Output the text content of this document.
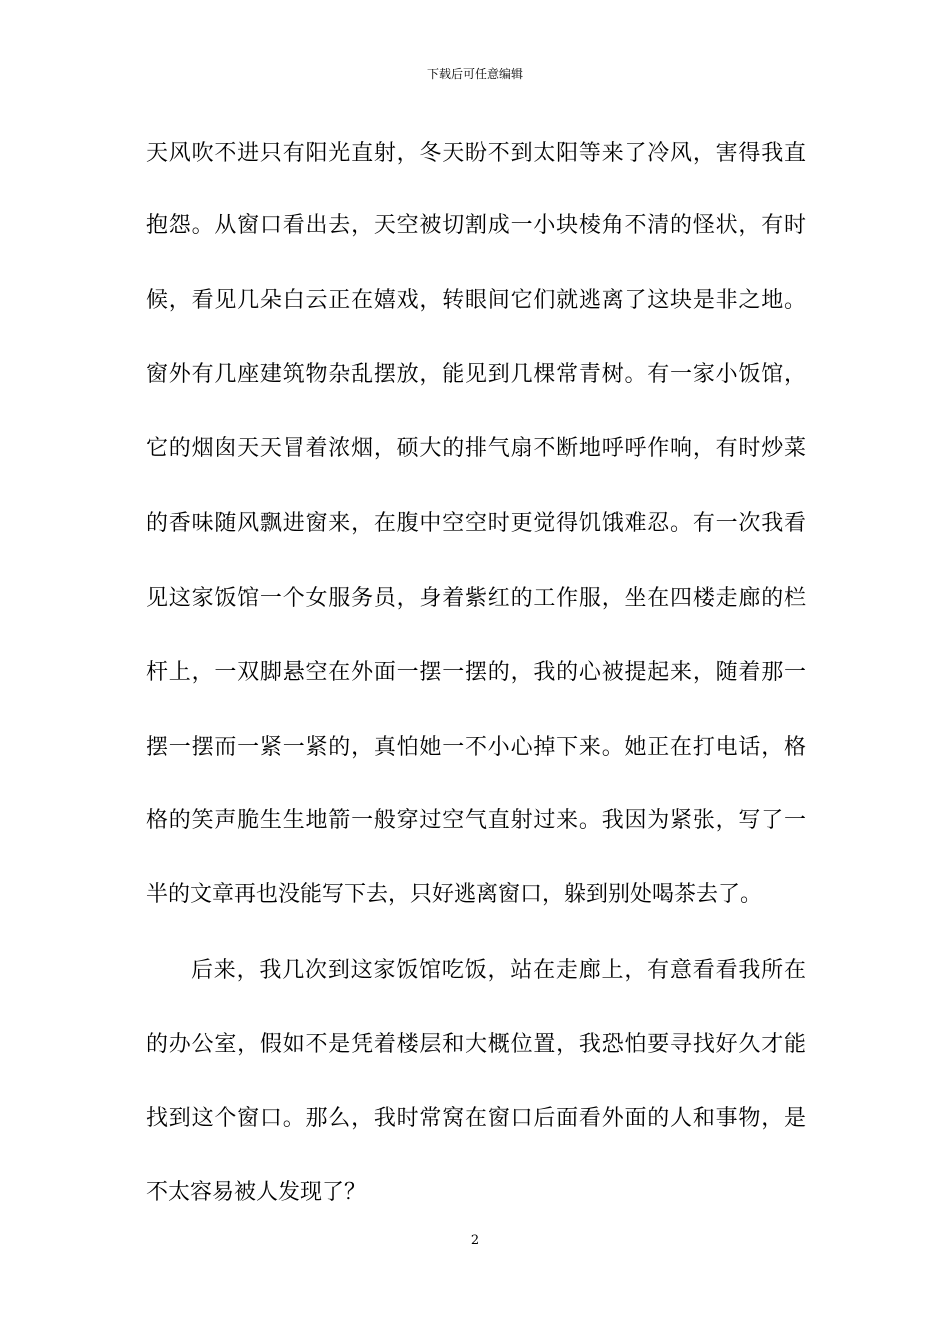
下载后可任意编辑
天风吹不进只有阳光直射，冬天盼不到太阳等来了冷风，害得我直
抱怨。从窗口看出去，天空被切割成一小块棱角不清的怪状，有时
候，看见几朵白云正在嬉戏，转眼间它们就逃离了这块是非之地。
窗外有几座建筑物杂乱摆放，能见到几棵常青树。有一家小饭馆，
它的烟囱天天冒着浓烟，硕大的排气扇不断地呼呼作响，有时炒菜
的香味随风飘进窗来，在腹中空空时更觉得饥饿难忍。有一次我看
见这家饭馆一个女服务员，身着紫红的工作服，坐在四楼走廊的栏
杆上，一双脚悬空在外面一摆一摆的，我的心被提起来，随着那一
摆一摆而一紧一紧的，真怕她一不小心掉下来。她正在打电话，格
格的笑声脆生生地箭一般穿过空气直射过来。我因为紧张，写了一
半的文章再也没能写下去，只好逃离窗口，躲到别处喝茶去了。
后来，我几次到这家饭馆吃饭，站在走廊上，有意看看我所在
的办公室，假如不是凭着楼层和大概位置，我恐怕要寻找好久才能
找到这个窗口。那么，我时常窝在窗口后面看外面的人和事物，是
不太容易被人发现了？
2
